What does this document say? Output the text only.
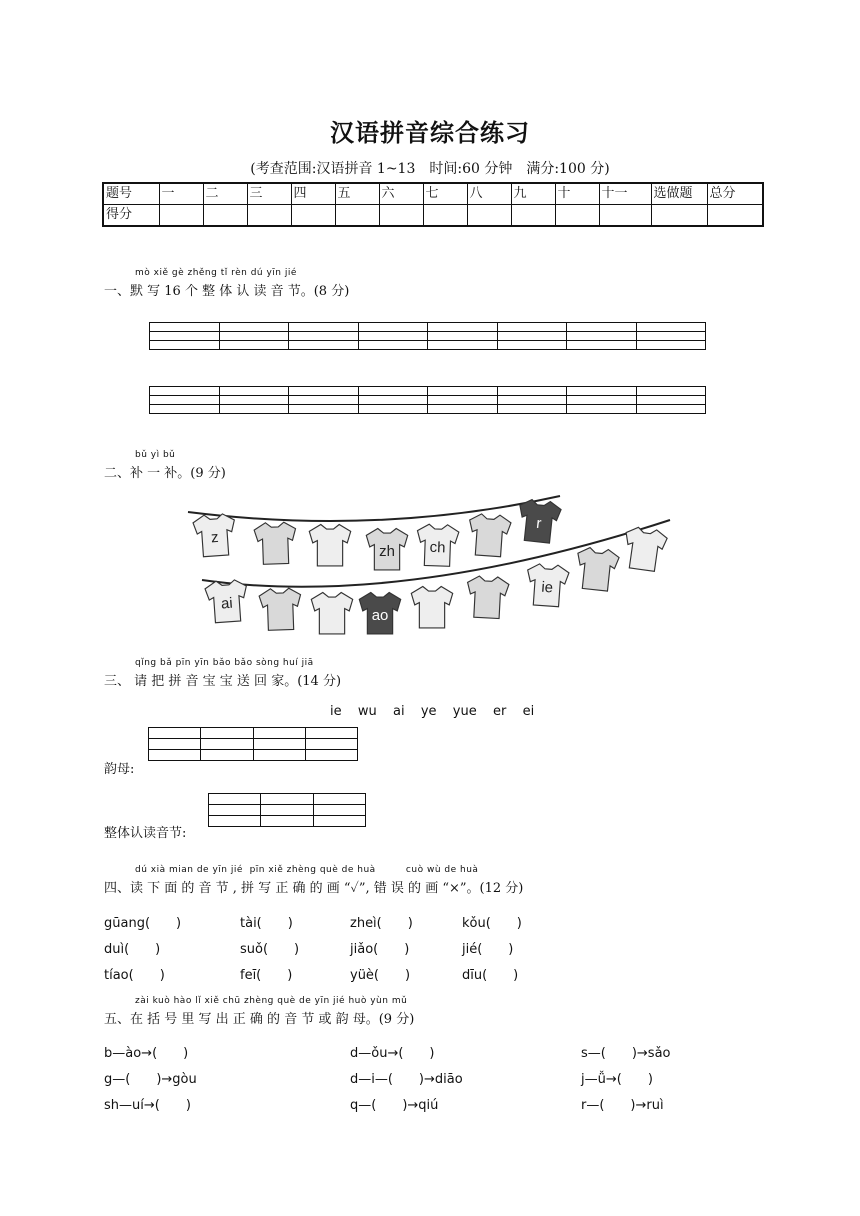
汉语拼音综合练习
(考查范围:汉语拼音 1~13　时间:60 分钟　满分:100 分)
题号	一	二	三	四	五	六	七	八	九	十	十一	选做题	总分
得分													
mò xiě gè zhěng tǐ rèn dú yīn jié
一、默 写 16 个 整 体 认 读 音 节。(8 分)

bǔ yì bǔ
二、补 一 补。(9 分)
z
zh	ch
r
ai
ao
ie
qǐng bǎ pīn yīn bǎo bǎo sòng huí jiā
三、 请 把 拼 音 宝 宝 送 回 家。(14 分)
ie  wu  ai  ye  yue  er  ei

韵母:

整体认读音节:
dú xià mian de yīn jié  pīn xiě zhèng què de huà         cuò wù de huà
四、读 下 面 的 音 节 , 拼 写 正 确 的 画 “✓”, 错 误 的 画 “×”。(12 分)
gūang(　　)	tài(　　)	zheì(　　)	kǒu(　　)
duì(　　)	suǒ(　　)	jiǎo(　　)	jié(　　)
tíao(　　)	feī(　　)	yüè(　　)	dīu(　　)
zài kuò hào lǐ xiě chū zhèng què de yīn jié huò yùn mǔ
五、在 括 号 里 写 出 正 确 的 音 节 或 韵 母。(9 分)
b—ào→(　　)	d—ǒu→(　　)	s—(　　)→sǎo
g—(　　)→gòu	d—i—(　　)→diāo	j—ǚ→(　　)
sh—uí→(　　)	q—(　　)→qiú	r—(　　)→ruì
